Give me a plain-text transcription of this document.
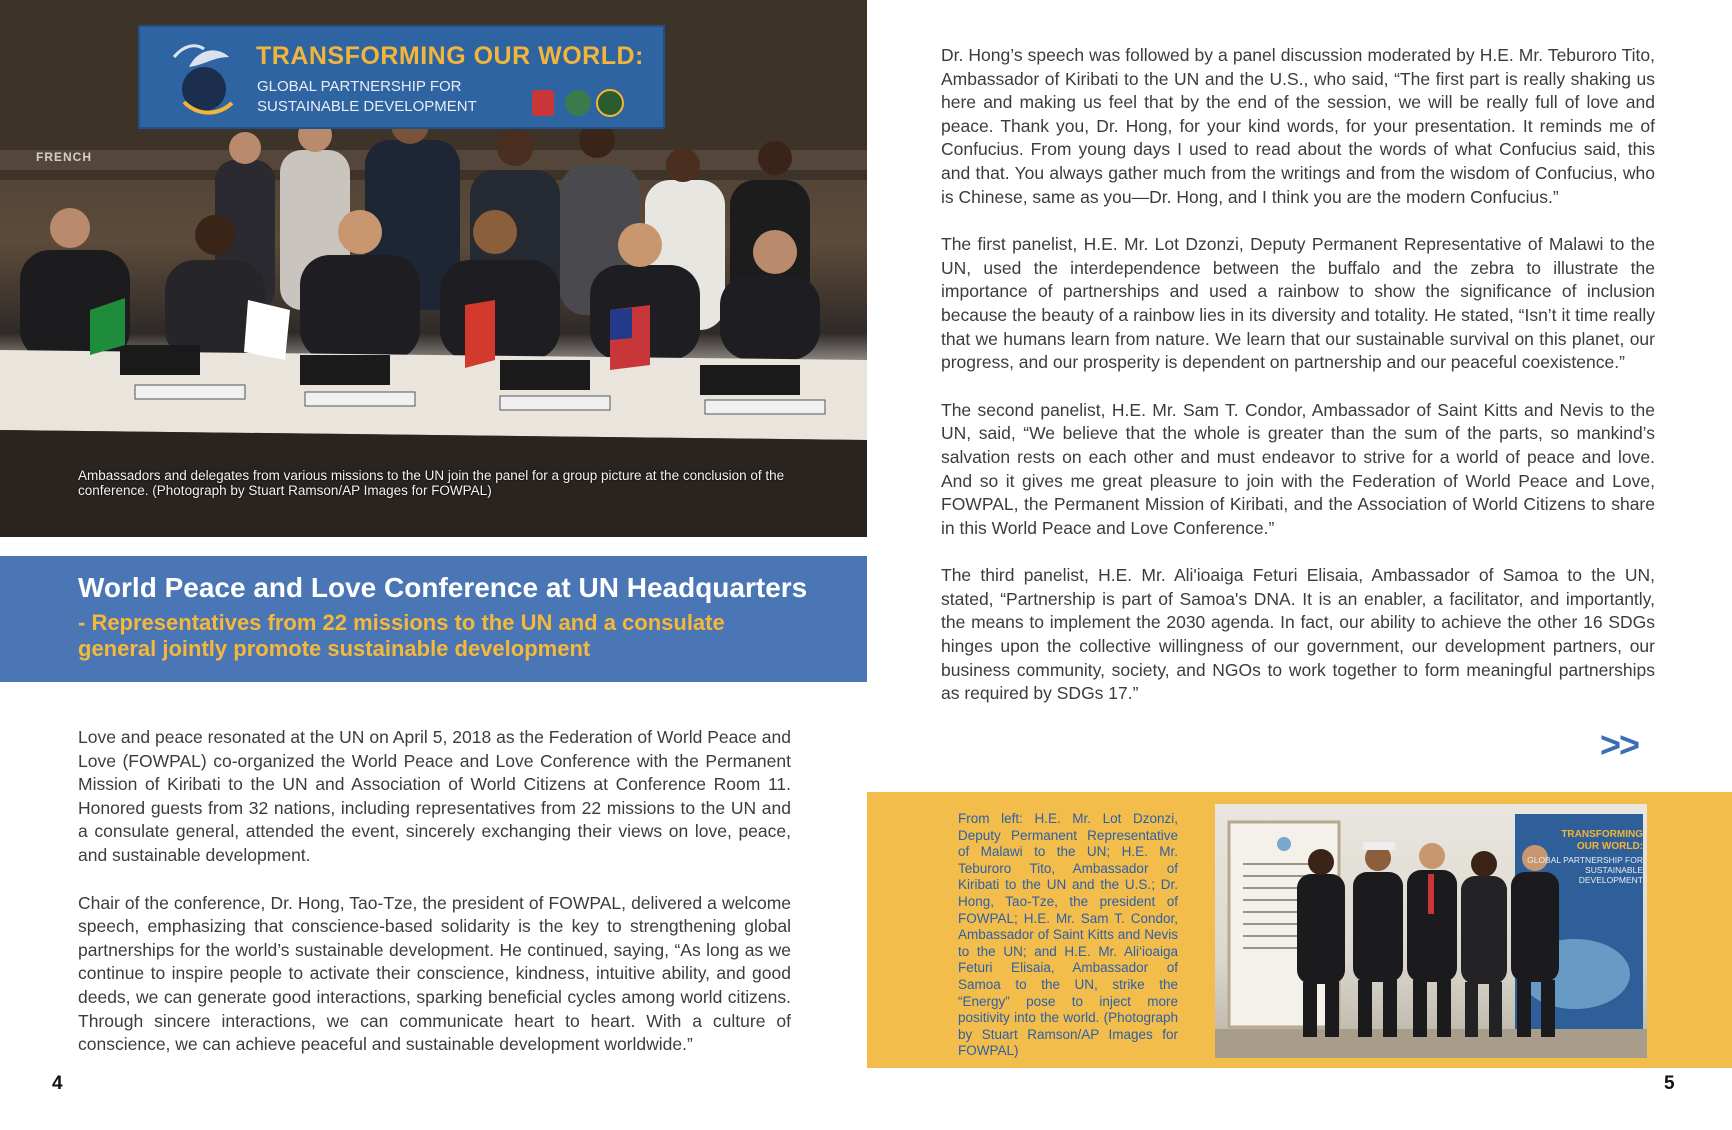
TRANSFORMING OUR WORLD:
GLOBAL PARTNERSHIP FOR
SUSTAINABLE DEVELOPMENT
FRENCH
Ambassadors and delegates from various missions to the UN join the panel for a group picture at the conclusion of the conference. (Photograph by Stuart Ramson/AP Images for FOWPAL)
World Peace and Love Conference at UN Headquarters
- Representatives from 22 missions to the UN and a consulate general jointly promote sustainable development

Love and peace resonated at the UN on April 5, 2018 as the Federation of World Peace and Love (FOWPAL) co-organized the World Peace and Love Conference with the Permanent Mission of Kiribati to the UN and Association of World Citizens at Conference Room 11. Honored guests from 32 nations, including representatives from 22 missions to the UN and a consulate general, attended the event, sincerely exchanging their views on love, peace, and sustainable development.

Chair of the conference, Dr. Hong, Tao-Tze, the president of FOWPAL, delivered a welcome speech, emphasizing that conscience-based solidarity is the key to strengthening global partnerships for the world’s sustainable development. He continued, saying, “As long as we continue to inspire people to activate their conscience, kindness, intuitive ability, and good deeds, we can generate good interactions, sparking beneficial cycles among world citizens. Through sincere interactions, we can communicate heart to heart. With a culture of conscience, we can achieve peaceful and sustainable development worldwide.”

4

Dr. Hong’s speech was followed by a panel discussion moderated by H.E. Mr. Teburoro Tito, Ambassador of Kiribati to the UN and the U.S., who said, “The first part is really shaking us here and making us feel that by the end of the session, we will be really full of love and peace. Thank you, Dr. Hong, for your kind words, for your presentation. It reminds me of Confucius. From young days I used to read about the words of what Confucius said, this and that. You always gather much from the writings and from the wisdom of Confucius, who is Chinese, same as you—Dr. Hong, and I think you are the modern Confucius.”

The first panelist, H.E. Mr. Lot Dzonzi, Deputy Permanent Representative of Malawi to the UN, used the interdependence between the buffalo and the zebra to illustrate the importance of partnerships and used a rainbow to show the significance of inclusion because the beauty of a rainbow lies in its diversity and totality. He stated, “Isn’t it time really that we humans learn from nature. We learn that our sustainable survival on this planet, our progress, and our prosperity is dependent on partnership and our peaceful coexistence.”

The second panelist, H.E. Mr. Sam T. Condor, Ambassador of Saint Kitts and Nevis to the UN, said, “We believe that the whole is greater than the sum of the parts, so mankind’s salvation rests on each other and must endeavor to strive for a world of peace and love. And so it gives me great pleasure to join with the Federation of World Peace and Love, FOWPAL, the Permanent Mission of Kiribati, and the Association of World Citizens to share in this World Peace and Love Conference.”

The third panelist, H.E. Mr. Ali'ioaiga Feturi Elisaia, Ambassador of Samoa to the UN, stated, “Partnership is part of Samoa's DNA. It is an enabler, a facilitator, and importantly, the means to implement the 2030 agenda. In fact, our ability to achieve the other 16 SDGs hinges upon the collective willingness of our government, our development partners, our business community, society, and NGOs to work together to form meaningful partnerships as required by SDGs 17.”

>>
From left: H.E. Mr. Lot Dzonzi, Deputy Permanent Representative of Malawi to the UN; H.E. Mr. Teburoro Tito, Ambassador of Kiribati to the UN and the U.S.; Dr. Hong, Tao-Tze, the president of FOWPAL; H.E. Mr. Sam T. Condor, Ambassador of Saint Kitts and Nevis to the UN; and H.E. Mr. Ali‘ioaiga Feturi Elisaia, Ambassador of Samoa to the UN, strike the “Energy” pose to inject more positivity into the world. (Photograph by Stuart Ramson/AP Images for FOWPAL)
TRANSFORMING OUR WORLD:
GLOBAL PARTNERSHIP FOR SUSTAINABLE DEVELOPMENT
5
